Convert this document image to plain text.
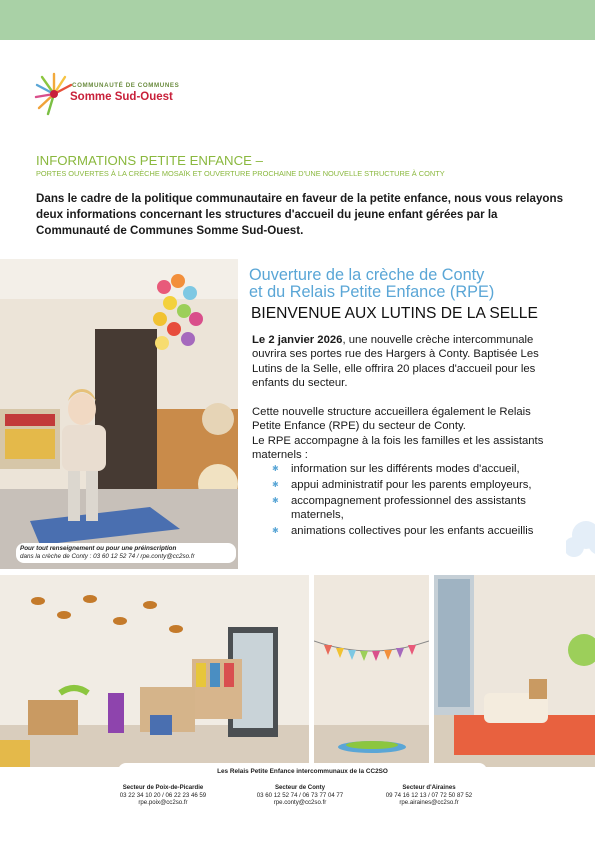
COMMUNAUTÉ DE COMMUNES
Somme Sud-Ouest
INFORMATIONS PETITE ENFANCE –
PORTES OUVERTES À LA CRÈCHE MOSAÏK ET OUVERTURE PROCHAINE D'UNE NOUVELLE STRUCTURE À CONTY
Dans le cadre de la politique communautaire en faveur de la petite enfance, nous vous relayons deux informations concernant les structures d'accueil du jeune enfant gérées par la Communauté de Communes Somme Sud-Ouest.
Pour tout renseignement ou pour une préinscription
dans la crèche de Conty : 03 60 12 52 74 / rpe.conty@cc2so.fr
Ouverture de la crèche de Conty
et du Relais Petite Enfance (RPE)
BIENVENUE AUX LUTINS DE LA SELLE
Le 2 janvier 2026, une nouvelle crèche intercommunale ouvrira ses portes rue des Hargers à Conty. Baptisée Les Lutins de la Selle, elle offrira 20 places d'accueil pour les enfants du secteur.
Cette nouvelle structure accueillera également le Relais Petite Enfance (RPE) du secteur de Conty.
Le RPE accompagne à la fois les familles et les assistants maternels :
✱ information sur les différents modes d'accueil,
✱ appui administratif pour les parents employeurs,
✱ accompagnement professionnel des assistants maternels,
✱ animations collectives pour les enfants accueillis
Les Relais Petite Enfance intercommunaux de la CC2SO
Secteur de Poix-de-Picardie
03 22 34 10 20 / 06 22 23 46 59
rpe.poix@cc2so.fr
Secteur de Conty
03 60 12 52 74 / 06 73 77 04 77
rpe.conty@cc2so.fr
Secteur d'Airaines
09 74 16 12 13 / 07 72 50 87 52
rpe.airaines@cc2so.fr
